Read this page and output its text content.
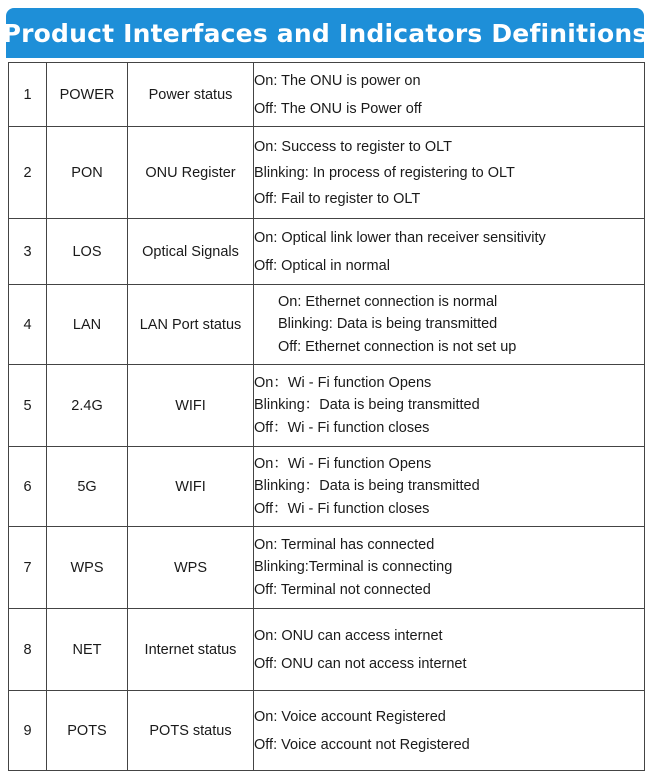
Product Interfaces and Indicators Definitions
1	POWER	Power status	On: The ONU is power on
Off: The ONU is Power off

2	PON	ONU Register	On: Success to register to OLT
Blinking: In process of registering to OLT
Off: Fail to register to OLT

3	LOS	Optical Signals	On: Optical link lower than receiver sensitivity
Off: Optical in normal

4	LAN	LAN Port status	On: Ethernet connection is normal
Blinking: Data is being transmitted
Off: Ethernet connection is not set up

5	2.4G	WIFI	On：Wi - Fi function Opens
Blinking：Data is being transmitted
Off：Wi - Fi function closes

6	5G	WIFI	On：Wi - Fi function Opens
Blinking：Data is being transmitted
Off：Wi - Fi function closes

7	WPS	WPS	On: Terminal has connected
Blinking:Terminal is connecting
Off: Terminal not connected

8	NET	Internet status	On: ONU can access internet
Off: ONU can not access internet

9	POTS	POTS status	On: Voice account Registered
Off: Voice account not Registered
